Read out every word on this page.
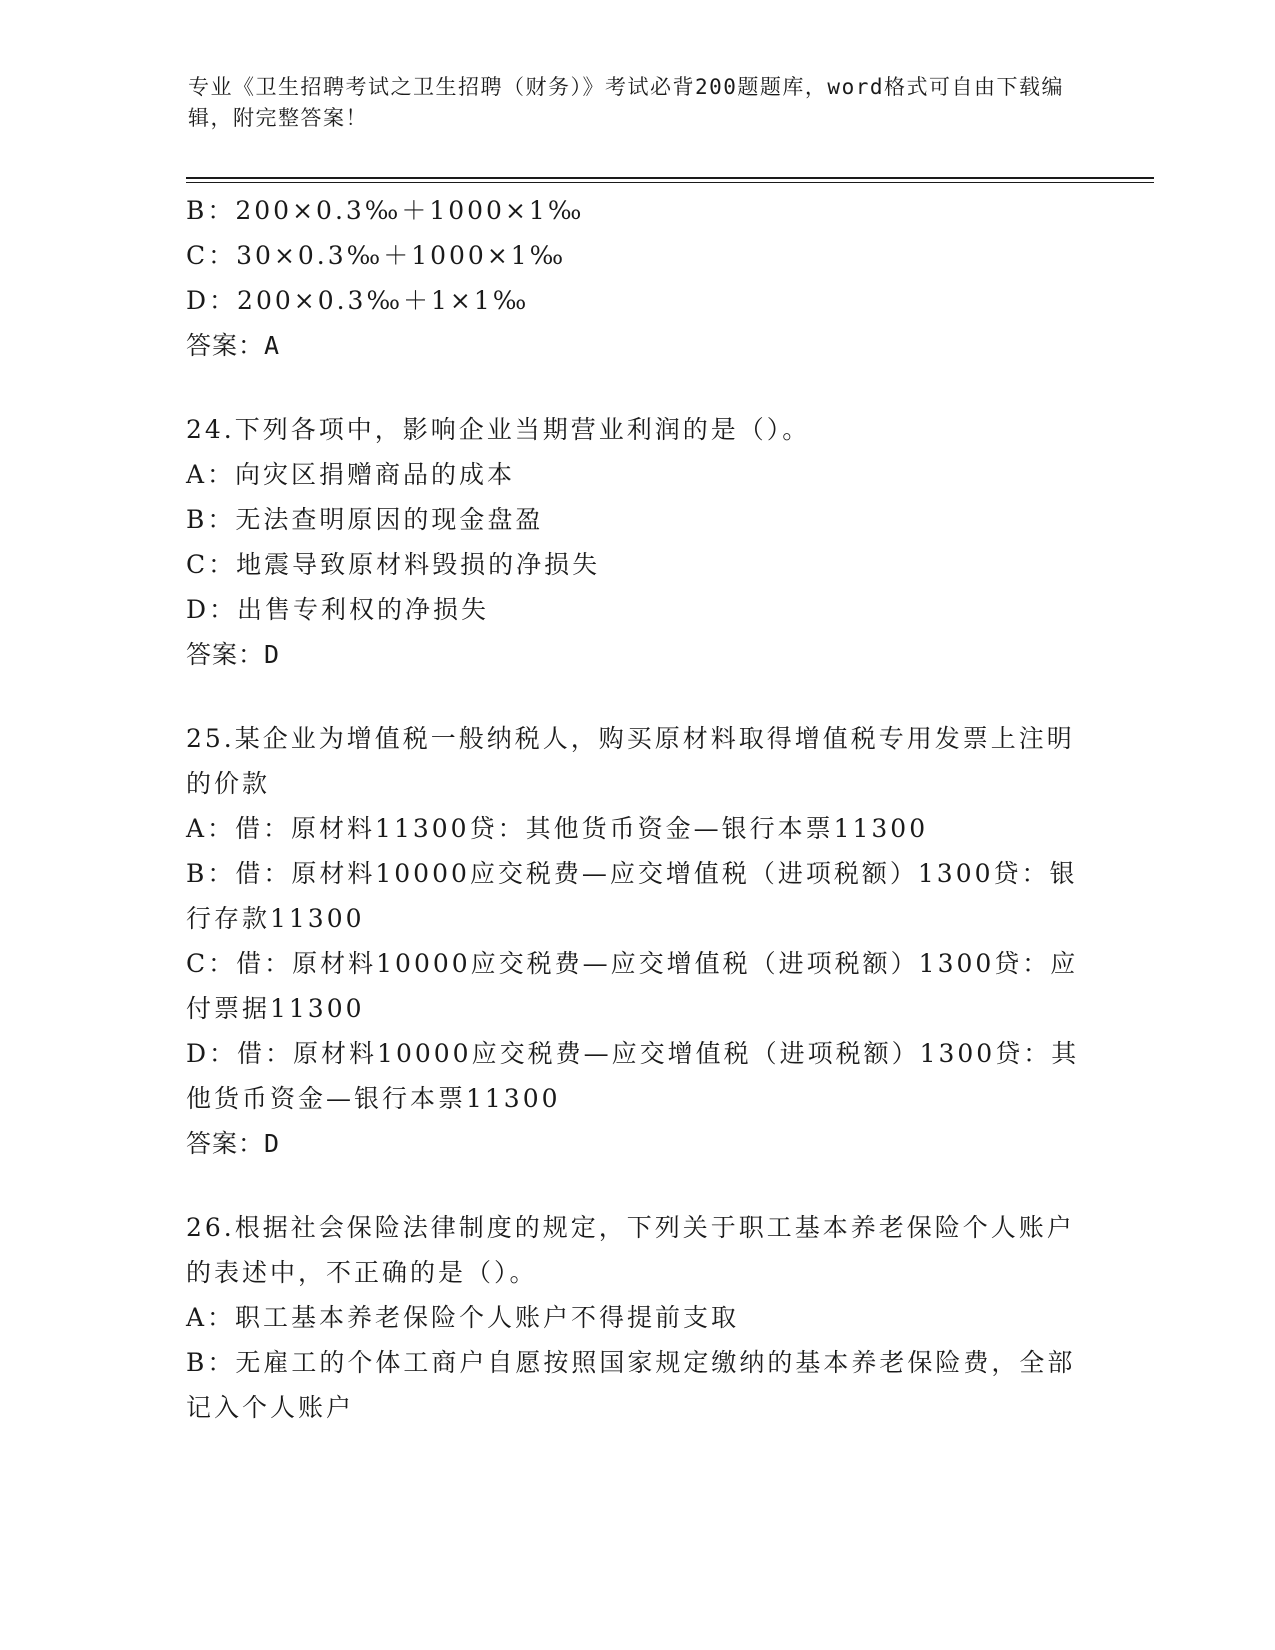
专业《卫生招聘考试之卫生招聘（财务）》考试必背200题题库，word格式可自由下载编辑，附完整答案！

B：200×0.3‰＋1000×1‰

C：30×0.3‰＋1000×1‰

D：200×0.3‰＋1×1‰

答案：A

24.下列各项中，影响企业当期营业利润的是（）。

A：向灾区捐赠商品的成本

B：无法查明原因的现金盘盈

C：地震导致原材料毁损的净损失

D：出售专利权的净损失

答案：D

25.某企业为增值税一般纳税人，购买原材料取得增值税专用发票上注明的价款

A：借：原材料11300贷：其他货币资金—银行本票11300

B：借：原材料10000应交税费—应交增值税（进项税额）1300贷：银行存款11300

C：借：原材料10000应交税费—应交增值税（进项税额）1300贷：应付票据11300

D：借：原材料10000应交税费—应交增值税（进项税额）1300贷：其他货币资金—银行本票11300

答案：D

26.根据社会保险法律制度的规定，下列关于职工基本养老保险个人账户的表述中，不正确的是（）。

A：职工基本养老保险个人账户不得提前支取

B：无雇工的个体工商户自愿按照国家规定缴纳的基本养老保险费，全部记入个人账户
